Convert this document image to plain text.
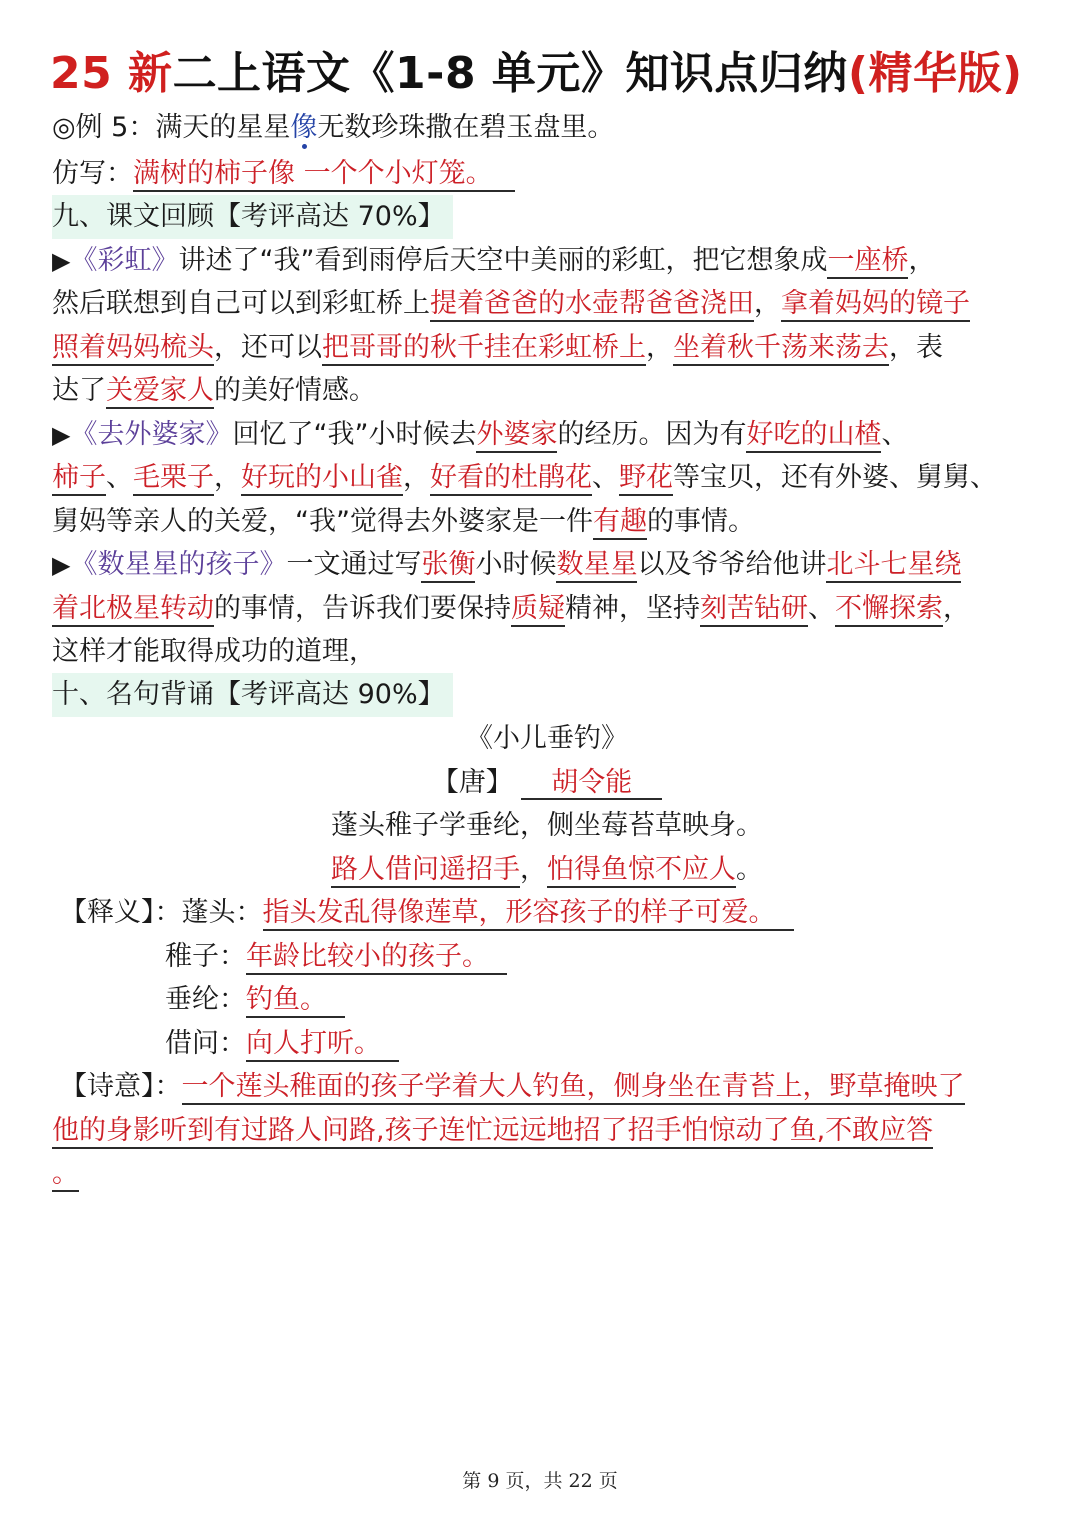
25 新二上语文《1-8 单元》知识点归纳(精华版)
◎例 5：满天的星星像无数珍珠撒在碧玉盘里。
仿写：满树的柿子像 一个个小灯笼。
九、课文回顾【考评高达 70%】
▶《彩虹》讲述了“我”看到雨停后天空中美丽的彩虹，把它想象成一座桥，
然后联想到自己可以到彩虹桥上提着爸爸的水壶帮爸爸浇田，拿着妈妈的镜子
照着妈妈梳头，还可以把哥哥的秋千挂在彩虹桥上，坐着秋千荡来荡去，表
达了关爱家人的美好情感。
▶《去外婆家》回忆了“我”小时候去外婆家的经历。因为有好吃的山楂、
柿子、毛栗子，好玩的小山雀，好看的杜鹃花、野花等宝贝，还有外婆、舅舅、
舅妈等亲人的关爱，“我”觉得去外婆家是一件有趣的事情。
▶《数星星的孩子》一文通过写张衡小时候数星星以及爷爷给他讲北斗七星绕
着北极星转动的事情，告诉我们要保持质疑精神，坚持刻苦钻研、不懈探索，
这样才能取得成功的道理，
十、名句背诵【考评高达 90%】
《小儿垂钓》
【唐】 胡令能
蓬头稚子学垂纶，侧坐莓苔草映身。
路人借问遥招手，怕得鱼惊不应人。
【释义】：蓬头：指头发乱得像莲草，形容孩子的样子可爱。
稚子：年龄比较小的孩子。
垂纶：钓鱼。
借问：向人打听。
【诗意】：一个莲头稚面的孩子学着大人钓鱼，侧身坐在青苔上，野草掩映了
他的身影听到有过路人问路,孩子连忙远远地招了招手怕惊动了鱼,不敢应答
。
第 9 页，共 22 页
